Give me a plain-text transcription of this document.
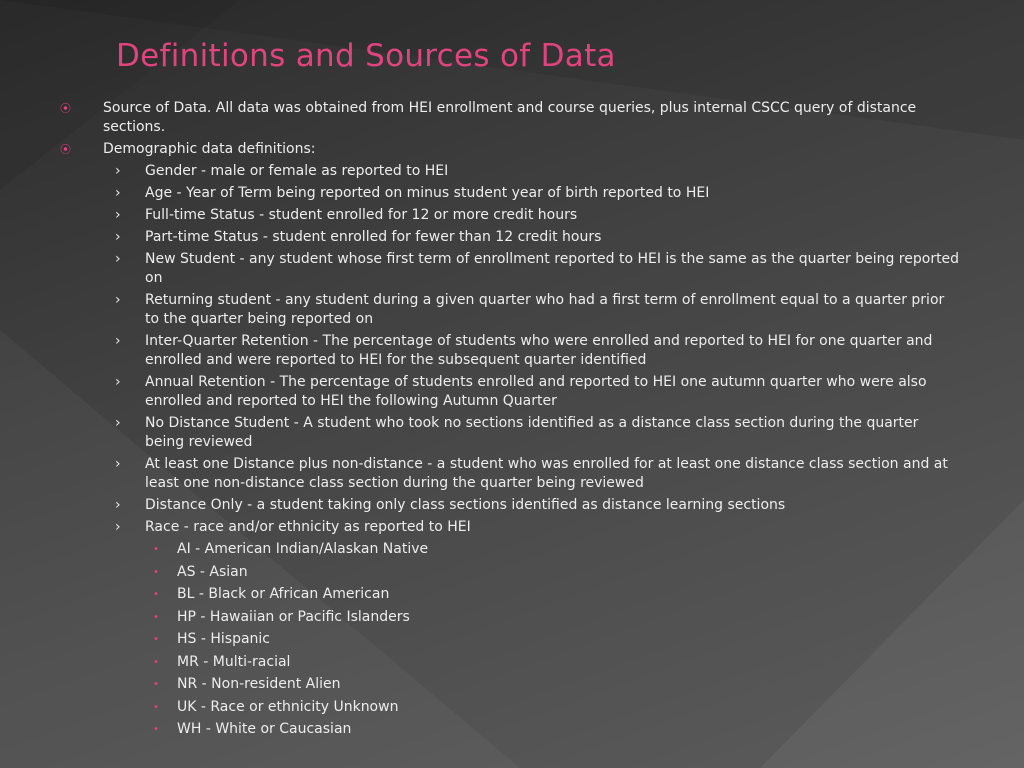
Definitions and Sources of Data
⦿ Source of Data. All data was obtained from HEI enrollment and course queries, plus internal CSCC query of distance sections.
⦿ Demographic data definitions:
› Gender - male or female as reported to HEI
› Age - Year of Term being reported on minus student year of birth reported to HEI
› Full-time Status - student enrolled for 12 or more credit hours
› Part-time Status - student enrolled for fewer than 12 credit hours
› New Student - any student whose first term of enrollment reported to HEI is the same as the quarter being reported on
› Returning student - any student during a given quarter who had a first term of enrollment equal to a quarter prior to the quarter being reported on
› Inter-Quarter Retention - The percentage of students who were enrolled and reported to HEI for one quarter and enrolled and were reported to HEI for the subsequent quarter identified
› Annual Retention - The percentage of students enrolled and reported to HEI one autumn quarter who were also enrolled and reported to HEI the following Autumn Quarter
› No Distance Student - A student who took no sections identified as a distance class section during the quarter being reviewed
› At least one Distance plus non-distance - a student who was enrolled for at least one distance class section and at least one non-distance class section during the quarter being reviewed
› Distance Only - a student taking only class sections identified as distance learning sections
› Race - race and/or ethnicity as reported to HEI
• AI - American Indian/Alaskan Native
• AS - Asian
• BL - Black or African American
• HP - Hawaiian or Pacific Islanders
• HS - Hispanic
• MR - Multi-racial
• NR - Non-resident Alien
• UK - Race or ethnicity Unknown
• WH - White or Caucasian
